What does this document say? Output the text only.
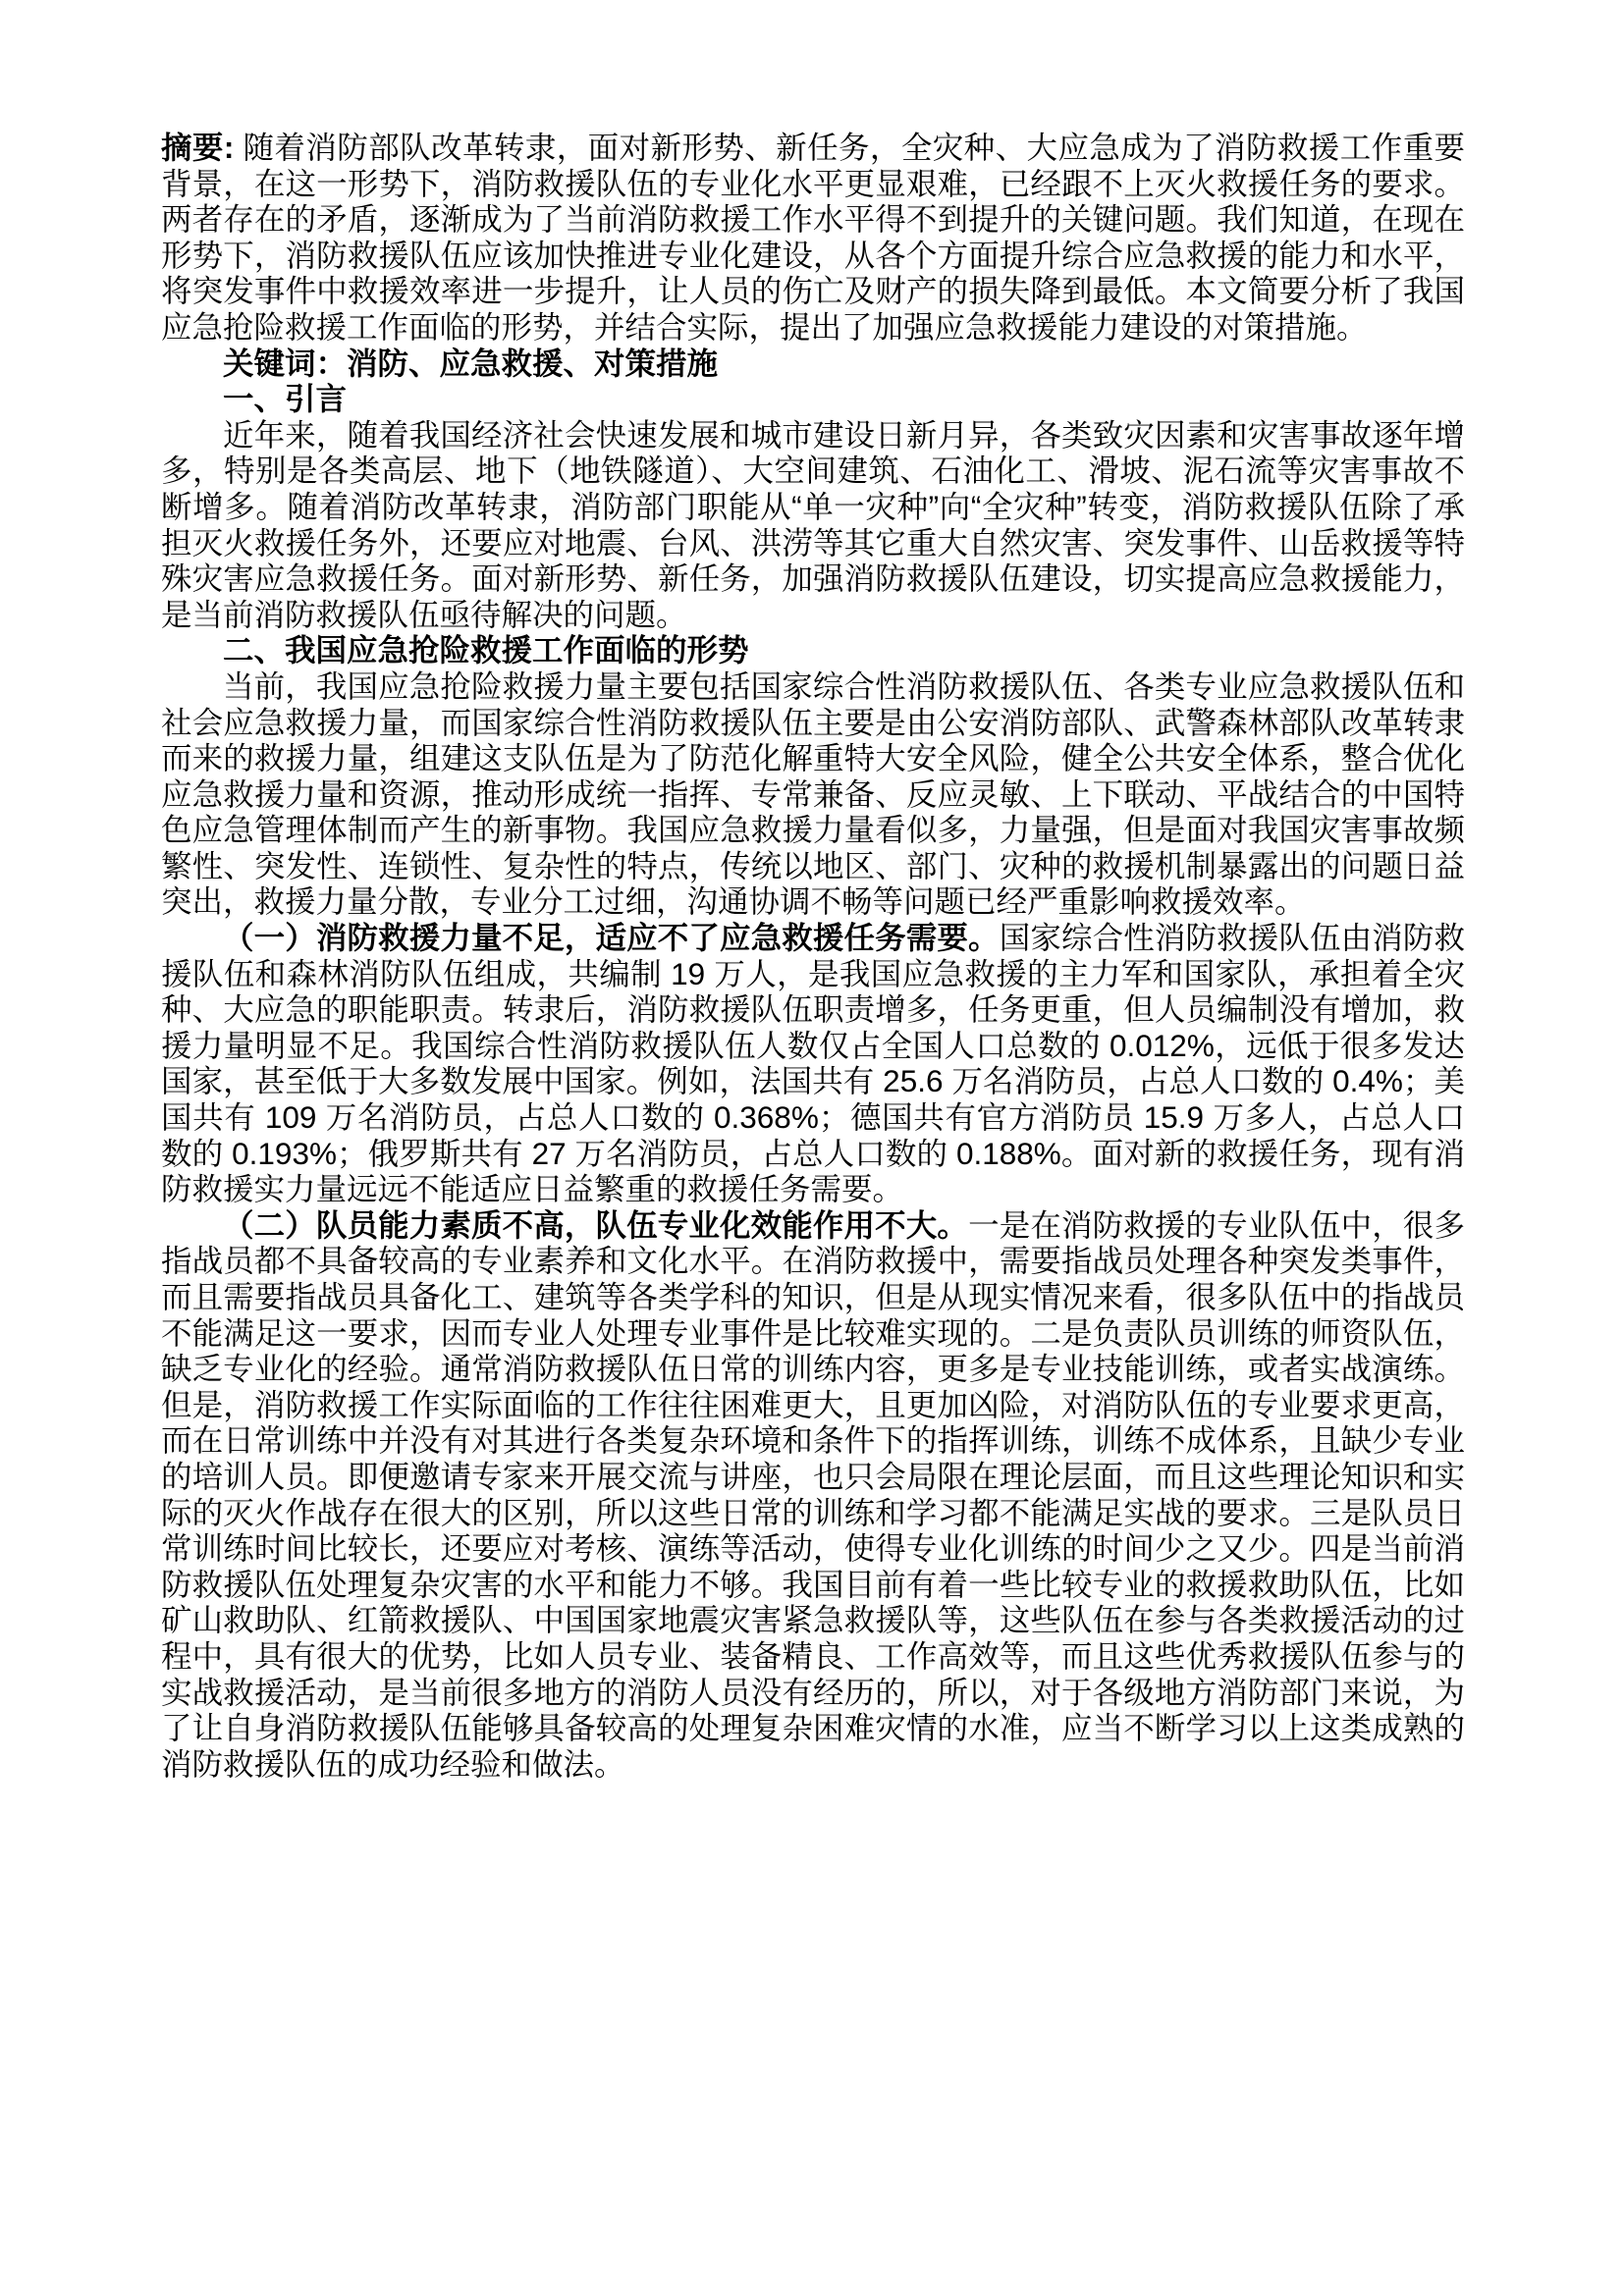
摘要: 随着消防部队改革转隶，面对新形势、新任务，全灾种、大应急成为了消防救援工作重要背景，在这一形势下，消防救援队伍的专业化水平更显艰难，已经跟不上灭火救援任务的要求。两者存在的矛盾，逐渐成为了当前消防救援工作水平得不到提升的关键问题。我们知道，在现在形势下，消防救援队伍应该加快推进专业化建设，从各个方面提升综合应急救援的能力和水平，将突发事件中救援效率进一步提升，让人员的伤亡及财产的损失降到最低。本文简要分析了我国应急抢险救援工作面临的形势，并结合实际，提出了加强应急救援能力建设的对策措施。

关键词：消防、应急救援、对策措施

一、引言

近年来，随着我国经济社会快速发展和城市建设日新月异，各类致灾因素和灾害事故逐年增多，特别是各类高层、地下（地铁隧道）、大空间建筑、石油化工、滑坡、泥石流等灾害事故不断增多。随着消防改革转隶，消防部门职能从“单一灾种”向“全灾种”转变，消防救援队伍除了承担灭火救援任务外，还要应对地震、台风、洪涝等其它重大自然灾害、突发事件、山岳救援等特殊灾害应急救援任务。面对新形势、新任务，加强消防救援队伍建设，切实提高应急救援能力，是当前消防救援队伍亟待解决的问题。

二、我国应急抢险救援工作面临的形势

当前，我国应急抢险救援力量主要包括国家综合性消防救援队伍、各类专业应急救援队伍和社会应急救援力量，而国家综合性消防救援队伍主要是由公安消防部队、武警森林部队改革转隶而来的救援力量，组建这支队伍是为了防范化解重特大安全风险，健全公共安全体系，整合优化应急救援力量和资源，推动形成统一指挥、专常兼备、反应灵敏、上下联动、平战结合的中国特色应急管理体制而产生的新事物。我国应急救援力量看似多，力量强，但是面对我国灾害事故频繁性、突发性、连锁性、复杂性的特点，传统以地区、部门、灾种的救援机制暴露出的问题日益突出，救援力量分散，专业分工过细，沟通协调不畅等问题已经严重影响救援效率。

（一）消防救援力量不足，适应不了应急救援任务需要。国家综合性消防救援队伍由消防救援队伍和森林消防队伍组成，共编制 19 万人，是我国应急救援的主力军和国家队，承担着全灾种、大应急的职能职责。转隶后，消防救援队伍职责增多，任务更重，但人员编制没有增加，救援力量明显不足。我国综合性消防救援队伍人数仅占全国人口总数的 0.012%，远低于很多发达国家，甚至低于大多数发展中国家。例如，法国共有 25.6 万名消防员，占总人口数的 0.4%；美国共有 109 万名消防员，占总人口数的 0.368%；德国共有官方消防员 15.9 万多人，占总人口数的 0.193%；俄罗斯共有 27 万名消防员，占总人口数的 0.188%。面对新的救援任务，现有消防救援实力量远远不能适应日益繁重的救援任务需要。

（二）队员能力素质不高，队伍专业化效能作用不大。一是在消防救援的专业队伍中，很多指战员都不具备较高的专业素养和文化水平。在消防救援中，需要指战员处理各种突发类事件，而且需要指战员具备化工、建筑等各类学科的知识，但是从现实情况来看，很多队伍中的指战员不能满足这一要求，因而专业人处理专业事件是比较难实现的。二是负责队员训练的师资队伍，缺乏专业化的经验。通常消防救援队伍日常的训练内容，更多是专业技能训练，或者实战演练。但是，消防救援工作实际面临的工作往往困难更大，且更加凶险，对消防队伍的专业要求更高，而在日常训练中并没有对其进行各类复杂环境和条件下的指挥训练，训练不成体系，且缺少专业的培训人员。即便邀请专家来开展交流与讲座，也只会局限在理论层面，而且这些理论知识和实际的灭火作战存在很大的区别，所以这些日常的训练和学习都不能满足实战的要求。三是队员日常训练时间比较长，还要应对考核、演练等活动，使得专业化训练的时间少之又少。四是当前消防救援队伍处理复杂灾害的水平和能力不够。我国目前有着一些比较专业的救援救助队伍，比如矿山救助队、红箭救援队、中国国家地震灾害紧急救援队等，这些队伍在参与各类救援活动的过程中，具有很大的优势，比如人员专业、装备精良、工作高效等，而且这些优秀救援队伍参与的实战救援活动，是当前很多地方的消防人员没有经历的，所以，对于各级地方消防部门来说，为了让自身消防救援队伍能够具备较高的处理复杂困难灾情的水准，应当不断学习以上这类成熟的消防救援队伍的成功经验和做法。
